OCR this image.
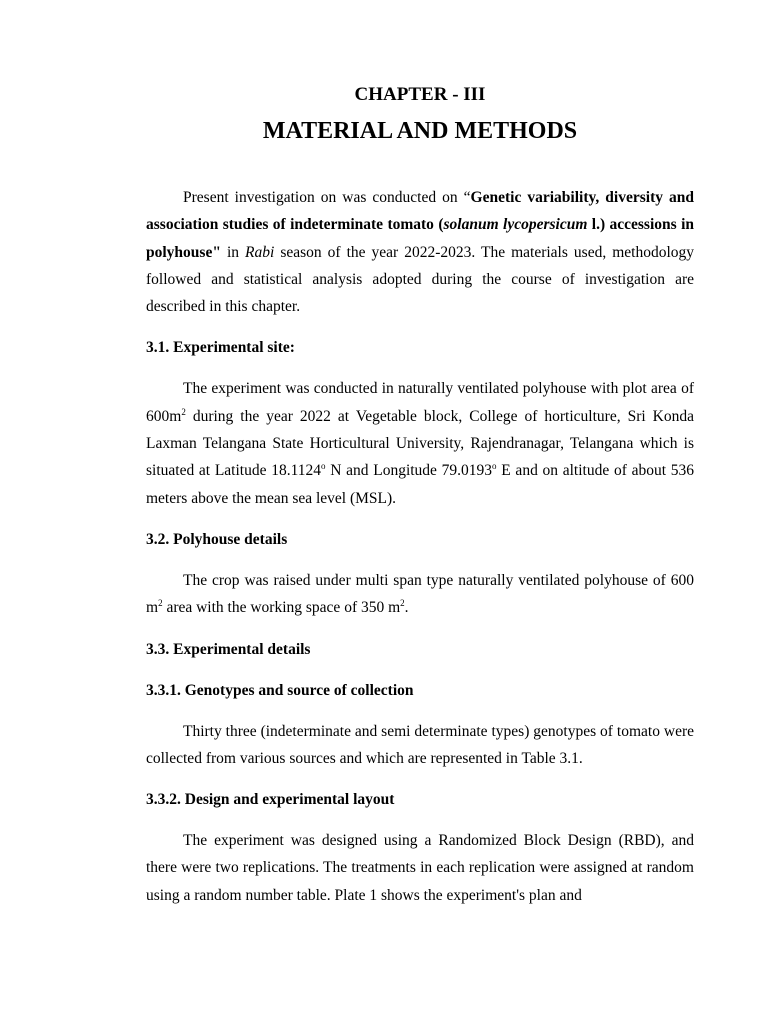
CHAPTER - III
MATERIAL AND METHODS

Present investigation on was conducted on “Genetic variability, diversity and association studies of indeterminate tomato (solanum lycopersicum l.) accessions in polyhouse" in Rabi season of the year 2022-2023. The materials used, methodology followed and statistical analysis adopted during the course of investigation are described in this chapter.

3.1. Experimental site:

The experiment was conducted in naturally ventilated polyhouse with plot area of $600m^2$ during the year 2022 at Vegetable block, College of horticulture, Sri Konda Laxman Telangana State Horticultural University, Rajendranagar, Telangana which is situated at Latitude 18.1124$^o$ N and Longitude 79.0193$^o$ E and on altitude of about 536 meters above the mean sea level (MSL).

3.2. Polyhouse details

The crop was raised under multi span type naturally ventilated polyhouse of 600 $m^2$ area with the working space of 350 $m^2$.

3.3. Experimental details
3.3.1. Genotypes and source of collection

Thirty three (indeterminate and semi determinate types) genotypes of tomato were collected from various sources and which are represented in Table 3.1.

3.3.2. Design and experimental layout

The experiment was designed using a Randomized Block Design (RBD), and there were two replications. The treatments in each replication were assigned at random using a random number table. Plate 1 shows the experiment's plan and
